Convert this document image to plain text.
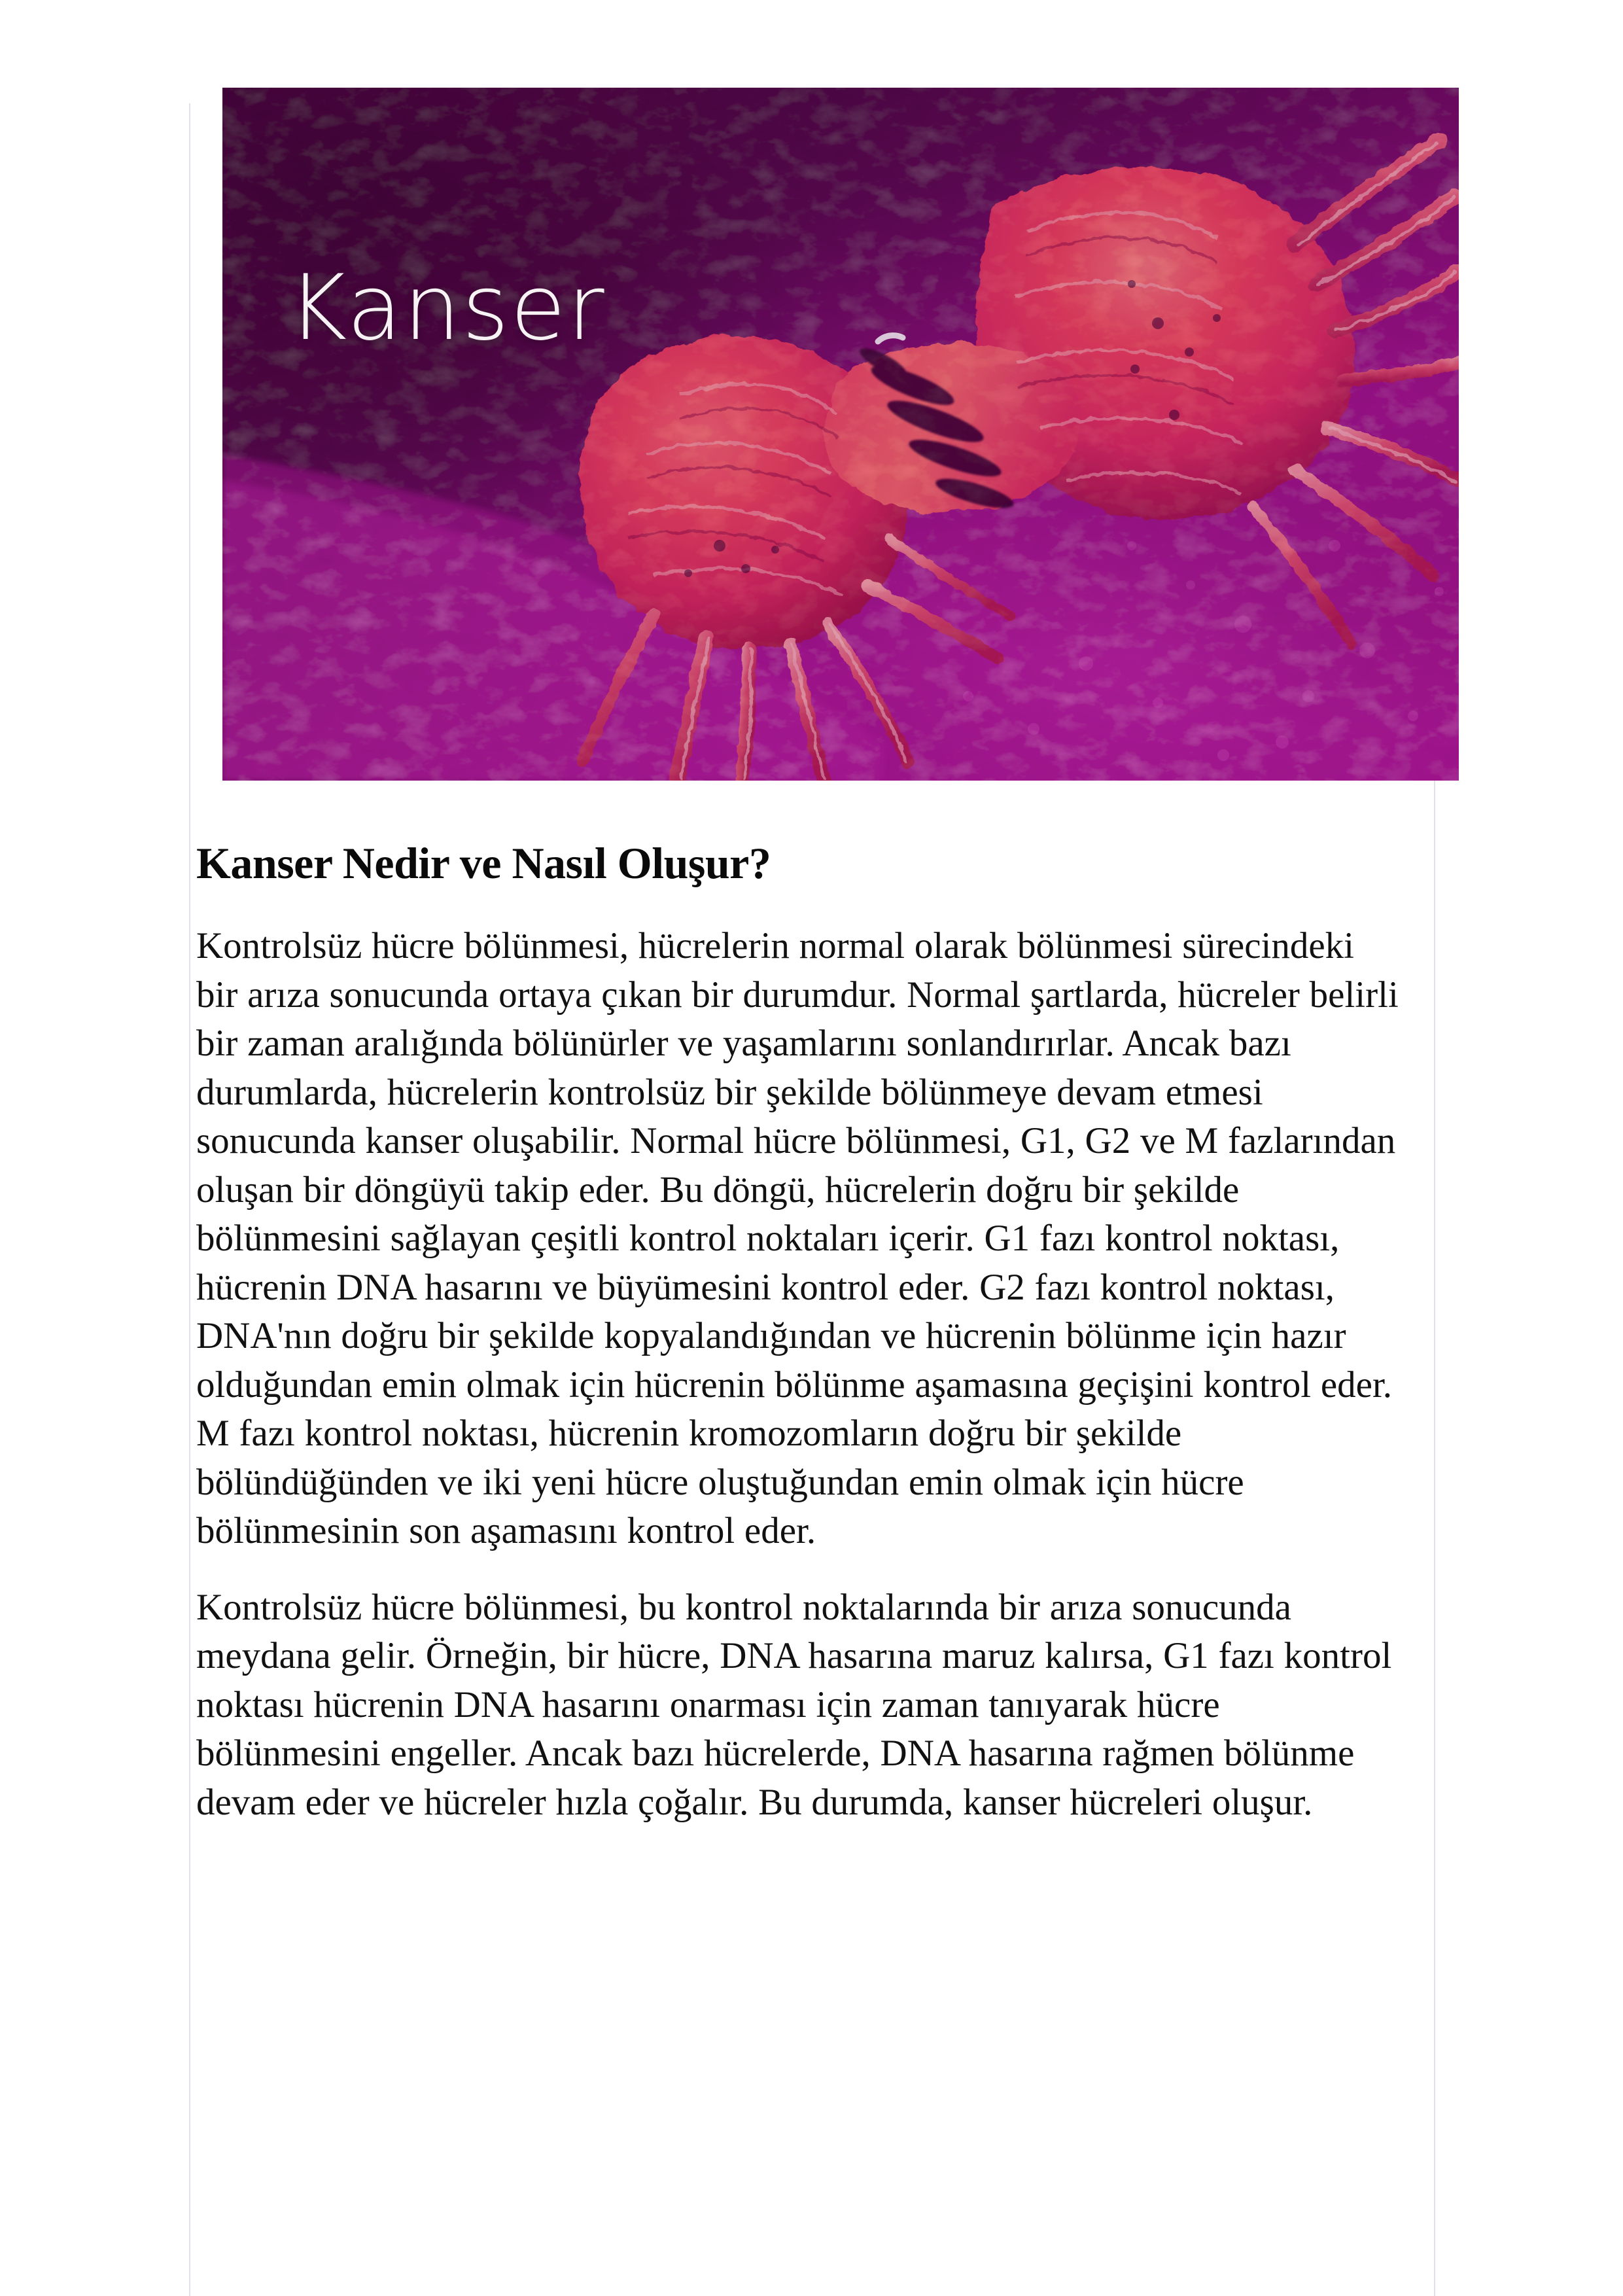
Kanser
Kanser Nedir ve Nasıl Oluşur?

Kontrolsüz hücre bölünmesi, hücrelerin normal olarak bölünmesi sürecindeki bir arıza sonucunda ortaya çıkan bir durumdur. Normal şartlarda, hücreler belirli bir zaman aralığında bölünürler ve yaşamlarını sonlandırırlar. Ancak bazı durumlarda, hücrelerin kontrolsüz bir şekilde bölünmeye devam etmesi sonucunda kanser oluşabilir. Normal hücre bölünmesi, G1, G2 ve M fazlarından oluşan bir döngüyü takip eder. Bu döngü, hücrelerin doğru bir şekilde bölünmesini sağlayan çeşitli kontrol noktaları içerir. G1 fazı kontrol noktası, hücrenin DNA hasarını ve büyümesini kontrol eder. G2 fazı kontrol noktası, DNA'nın doğru bir şekilde kopyalandığından ve hücrenin bölünme için hazır olduğundan emin olmak için hücrenin bölünme aşamasına geçişini kontrol eder. M fazı kontrol noktası, hücrenin kromozomların doğru bir şekilde bölündüğünden ve iki yeni hücre oluştuğundan emin olmak için hücre bölünmesinin son aşamasını kontrol eder.

Kontrolsüz hücre bölünmesi, bu kontrol noktalarında bir arıza sonucunda meydana gelir. Örneğin, bir hücre, DNA hasarına maruz kalırsa, G1 fazı kontrol noktası hücrenin DNA hasarını onarması için zaman tanıyarak hücre bölünmesini engeller. Ancak bazı hücrelerde, DNA hasarına rağmen bölünme devam eder ve hücreler hızla çoğalır. Bu durumda, kanser hücreleri oluşur.
